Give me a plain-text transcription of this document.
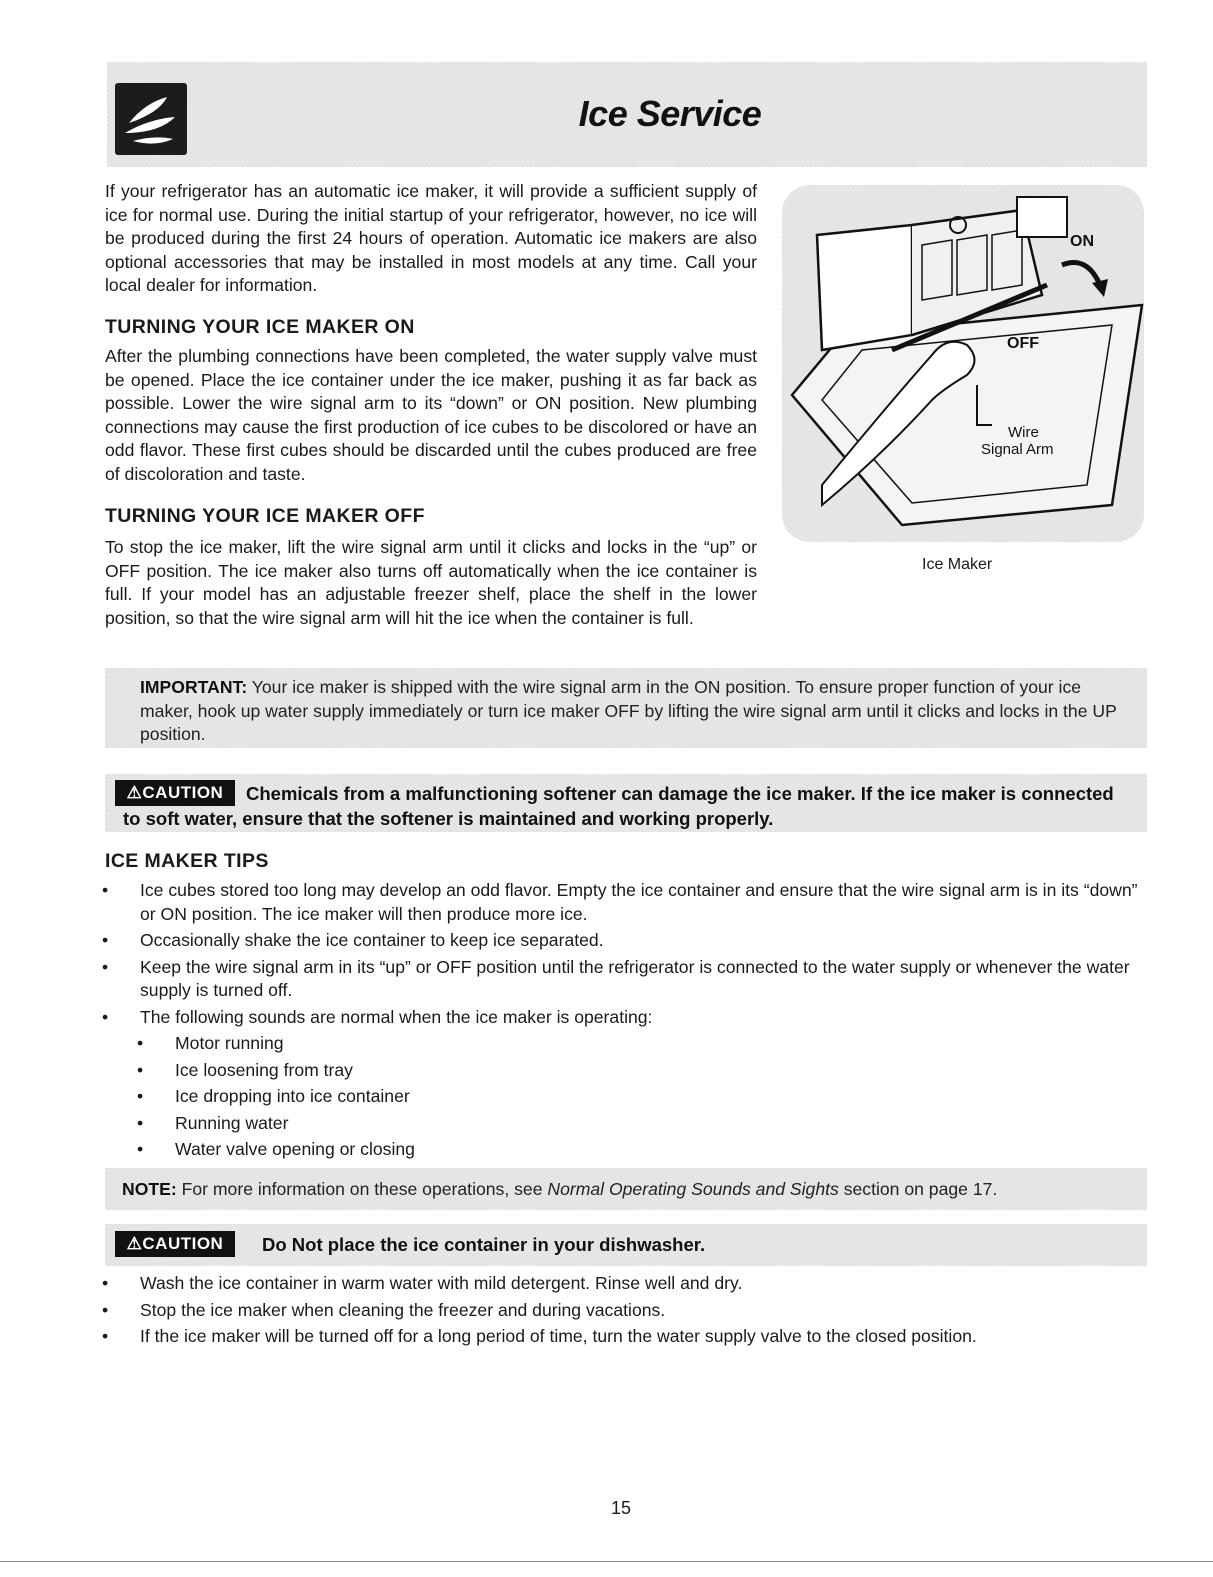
Ice Service

If your refrigerator has an automatic ice maker, it will provide a sufficient supply of ice for normal use. During the initial startup of your refrigerator, however, no ice will be produced during the first 24 hours of operation. Automatic ice makers are also optional accessories that may be installed in most models at any time. Call your local dealer for information.

TURNING YOUR ICE MAKER ON

After the plumbing connections have been completed, the water supply valve must be opened. Place the ice container under the ice maker, pushing it as far back as possible. Lower the wire signal arm to its “down” or ON position. New plumbing connections may cause the first production of ice cubes to be discolored or have an odd flavor. These first cubes should be discarded until the cubes produced are free of discoloration and taste.

TURNING YOUR ICE MAKER OFF

To stop the ice maker, lift the wire signal arm until it clicks and locks in the “up” or OFF position. The ice maker also turns off automatically when the ice container is full. If your model has an adjustable freezer shelf, place the shelf in the lower position, so that the wire signal arm will hit the ice when the container is full.

ON
OFF
Wire
Signal Arm
Ice Maker

IMPORTANT: Your ice maker is shipped with the wire signal arm in the ON position. To ensure proper function of your ice maker, hook up water supply immediately or turn ice maker OFF by lifting the wire signal arm until it clicks and locks in the UP position.

⚠CAUTION	Chemicals from a malfunctioning softener can damage the ice maker. If the ice maker is connected to soft water, ensure that the softener is maintained and working properly.

ICE MAKER TIPS
• Ice cubes stored too long may develop an odd flavor. Empty the ice container and ensure that the wire signal arm is in its “down” or ON position. The ice maker will then produce more ice.
• Occasionally shake the ice container to keep ice separated.
• Keep the wire signal arm in its “up” or OFF position until the refrigerator is connected to the water supply or whenever the water supply is turned off.
• The following sounds are normal when the ice maker is operating:
• Motor running
• Ice loosening from tray
• Ice dropping into ice container
• Running water
• Water valve opening or closing

NOTE: For more information on these operations, see Normal Operating Sounds and Sights section on page 17.

⚠CAUTION	Do Not place the ice container in your dishwasher.

• Wash the ice container in warm water with mild detergent. Rinse well and dry.
• Stop the ice maker when cleaning the freezer and during vacations.
• If the ice maker will be turned off for a long period of time, turn the water supply valve to the closed position.
15
